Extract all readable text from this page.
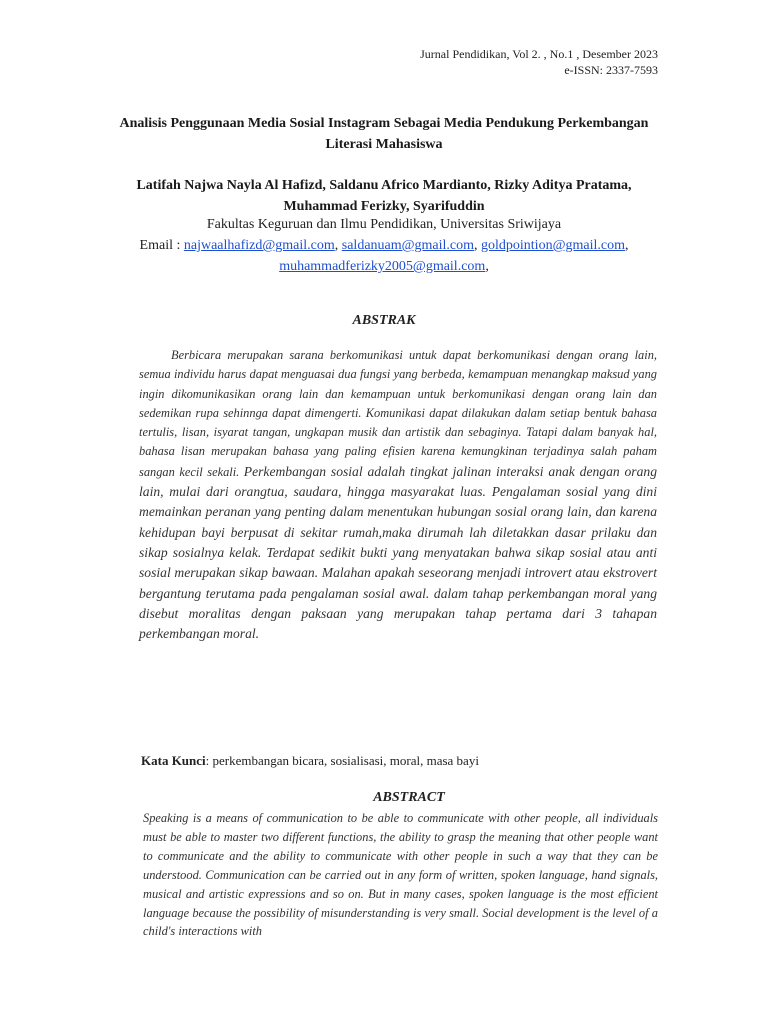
Jurnal Pendidikan, Vol 2. , No.1 , Desember 2023
e-ISSN: 2337-7593
Analisis Penggunaan Media Sosial Instagram Sebagai Media Pendukung Perkembangan
Literasi Mahasiswa
Latifah Najwa Nayla Al Hafizd, Saldanu Africo Mardianto, Rizky Aditya Pratama,
Muhammad Ferizky, Syarifuddin
Fakultas Keguruan dan Ilmu Pendidikan, Universitas Sriwijaya
Email : najwaalhafizd@gmail.com, saldanuam@gmail.com, goldpointion@gmail.com,
muhammadferizky2005@gmail.com,
ABSTRAK

Berbicara merupakan sarana berkomunikasi untuk dapat berkomunikasi dengan orang lain, semua individu harus dapat menguasai dua fungsi yang berbeda, kemampuan menangkap maksud yang ingin dikomunikasikan orang lain dan kemampuan untuk berkomunikasi dengan orang lain dan sedemikan rupa sehinnga dapat dimengerti. Komunikasi dapat dilakukan dalam setiap bentuk bahasa tertulis, lisan, isyarat tangan, ungkapan musik dan artistik dan sebaginya. Tatapi dalam banyak hal, bahasa lisan merupakan bahasa yang paling efisien karena kemungkinan terjadinya salah paham sangan kecil sekali. Perkembangan sosial adalah tingkat jalinan interaksi anak dengan orang lain, mulai dari orangtua, saudara, hingga masyarakat luas. Pengalaman sosial yang dini memainkan peranan yang penting dalam menentukan hubungan sosial orang lain, dan karena kehidupan bayi berpusat di sekitar rumah,maka dirumah lah diletakkan dasar prilaku dan sikap sosialnya kelak. Terdapat sedikit bukti yang menyatakan bahwa sikap sosial atau anti sosial merupakan sikap bawaan. Malahan apakah seseorang menjadi introvert atau ekstrovert bergantung terutama pada pengalaman sosial awal. dalam tahap perkembangan moral yang disebut moralitas dengan paksaan yang merupakan tahap pertama dari 3 tahapan perkembangan moral.

Kata Kunci: perkembangan bicara, sosialisasi, moral, masa bayi
ABSTRACT

Speaking is a means of communication to be able to communicate with other people, all individuals must be able to master two different functions, the ability to grasp the meaning that other people want to communicate and the ability to communicate with other people in such a way that they can be understood. Communication can be carried out in any form of written, spoken language, hand signals, musical and artistic expressions and so on. But in many cases, spoken language is the most efficient language because the possibility of misunderstanding is very small. Social development is the level of a child's interactions with
